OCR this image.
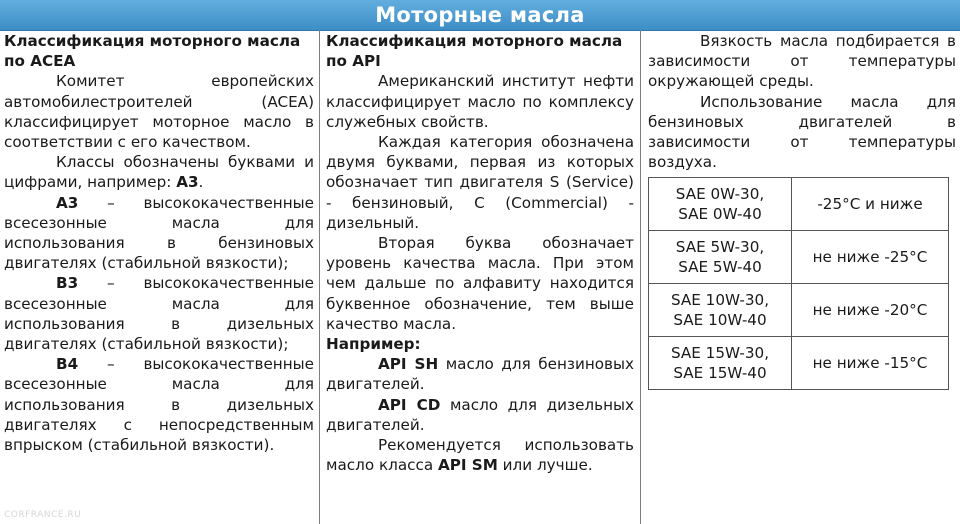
Моторные масла

Классификация моторного масла по ACEA

Комитет европейских автомобилестроителей (ACEA) классифицирует моторное масло в соответствии с его качеством.

Классы обозначены буквами и цифрами, например: А3.

А3 – высококачественные всесезонные масла для использования в бензиновых двигателях (стабильной вязкости);

В3 – высококачественные всесезонные масла для использования в дизельных двигателях (стабильной вязкости);

В4 – высококачественные всесезонные масла для использования в дизельных двигателях с непосредственным впрыском (стабильной вязкости).

Классификация моторного масла по API

Американский институт нефти классифицирует масло по комплексу служебных свойств.

Каждая категория обозначена двумя буквами, первая из которых обозначает тип двигателя S (Service) - бензиновый, C (Commercial) - дизельный.

Вторая буква обозначает уровень качества масла. При этом чем дальше по алфавиту находится буквенное обозначение, тем выше качество масла.

Например:

API SH масло для бензиновых двигателей.

API CD масло для дизельных двигателей.

Рекомендуется использовать масло класса API SM или лучше.

Вязкость масла подбирается в зависимости от температуры окружающей среды.

Использование масла для бензиновых двигателей в зависимости от температуры воздуха.

SAE 0W-30,
SAE 0W-40	-25°С и ниже
SAE 5W-30,
SAE 5W-40	не ниже -25°С
SAE 10W-30,
SAE 10W-40	не ниже -20°С
SAE 15W-30,
SAE 15W-40	не ниже -15°С
CORFRANCE.RU
